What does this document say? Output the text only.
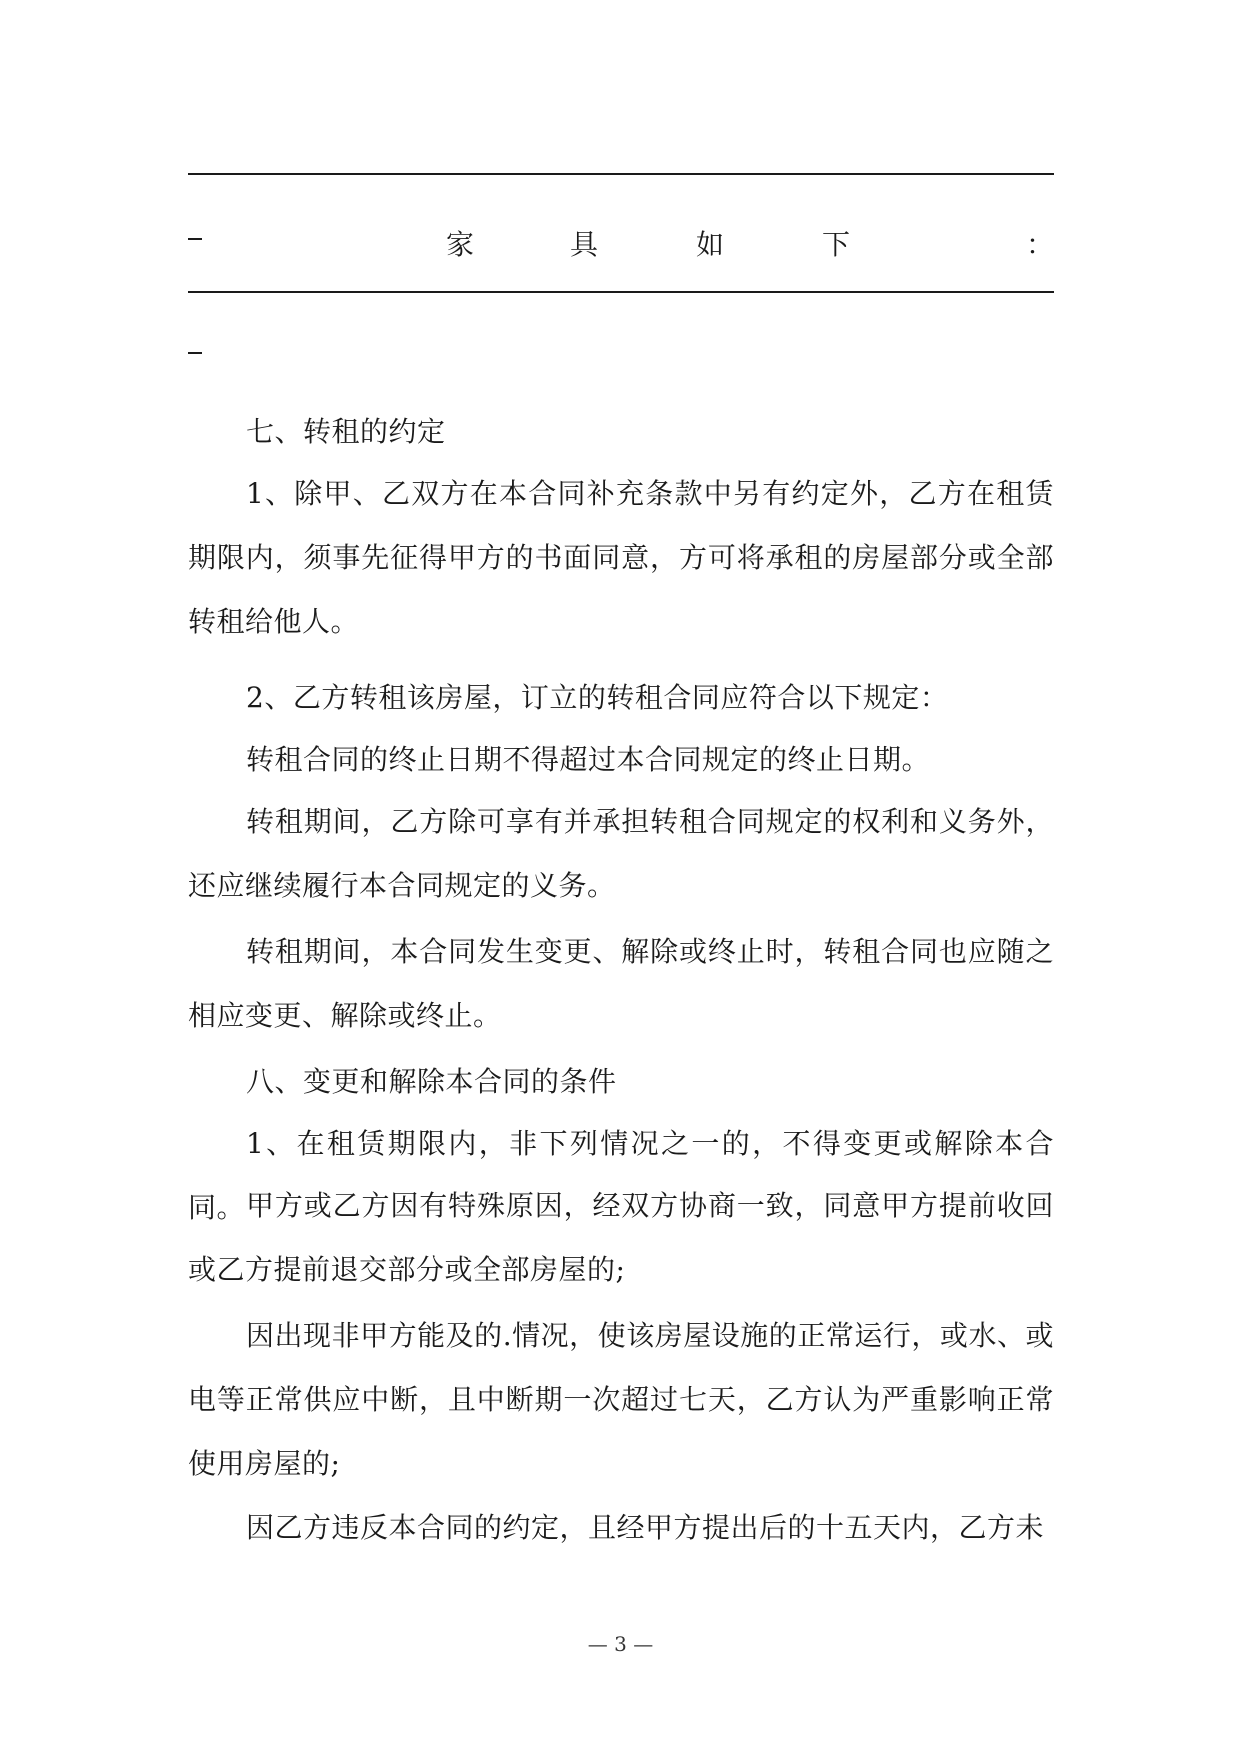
家	具	如	下	：
七、转租的约定
1、除甲、乙双方在本合同补充条款中另有约定外，乙方在租赁期限内，须事先征得甲方的书面同意，方可将承租的房屋部分或全部转租给他人。
2、乙方转租该房屋，订立的转租合同应符合以下规定：
转租合同的终止日期不得超过本合同规定的终止日期。
转租期间，乙方除可享有并承担转租合同规定的权利和义务外，还应继续履行本合同规定的义务。
转租期间，本合同发生变更、解除或终止时，转租合同也应随之相应变更、解除或终止。
八、变更和解除本合同的条件
1、在租赁期限内，非下列情况之一的，不得变更或解除本合同。 甲方或乙方因有特殊原因，经双方协商一致，同意甲方提前收回或乙方提前退交部分或全部房屋的;
因出现非甲方能及的.情况，使该房屋设施的正常运行，或水、或电等正常供应中断，且中断期一次超过七天，乙方认为严重影响正常使用房屋的;
因乙方违反本合同的约定，且经甲方提出后的十五天内，乙方未
— 3 —
